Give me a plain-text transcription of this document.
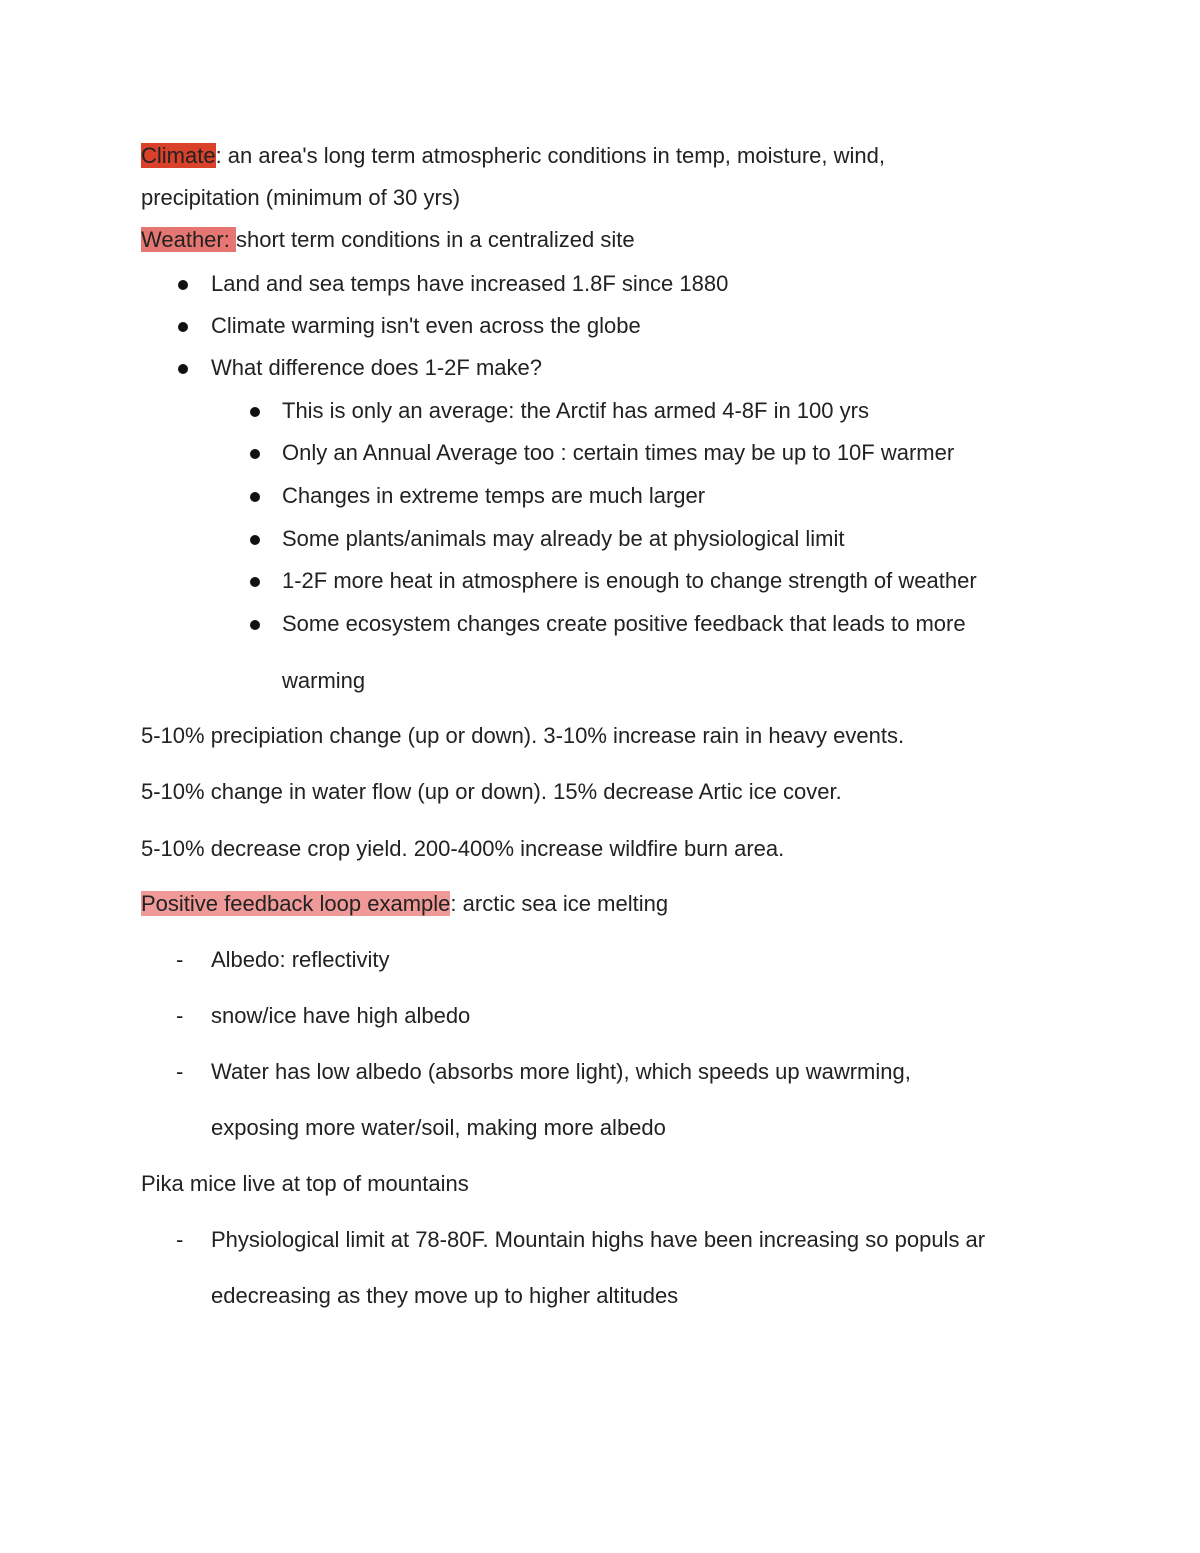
Climate: an area's long term atmospheric conditions in temp, moisture, wind,
precipitation (minimum of 30 yrs)
Weather: short term conditions in a centralized site
Land and sea temps have increased 1.8F since 1880
Climate warming isn't even across the globe
What difference does 1-2F make?
This is only an average: the Arctif has armed 4-8F in 100 yrs
Only an Annual Average too : certain times may be up to 10F warmer
Changes in extreme temps are much larger
Some plants/animals may already be at physiological limit
1-2F more heat in atmosphere is enough to change strength of weather
Some ecosystem changes create positive feedback that leads to more
warming
5-10% precipiation change (up or down). 3-10% increase rain in heavy events.
5-10% change in water flow (up or down). 15% decrease Artic ice cover.
5-10% decrease crop yield. 200-400% increase wildfire burn area.
Positive feedback loop example: arctic sea ice melting
- Albedo: reflectivity
- snow/ice have high albedo
- Water has low albedo (absorbs more light), which speeds up wawrming,
exposing more water/soil, making more albedo
Pika mice live at top of mountains
- Physiological limit at 78-80F. Mountain highs have been increasing so populs ar
edecreasing as they move up to higher altitudes
